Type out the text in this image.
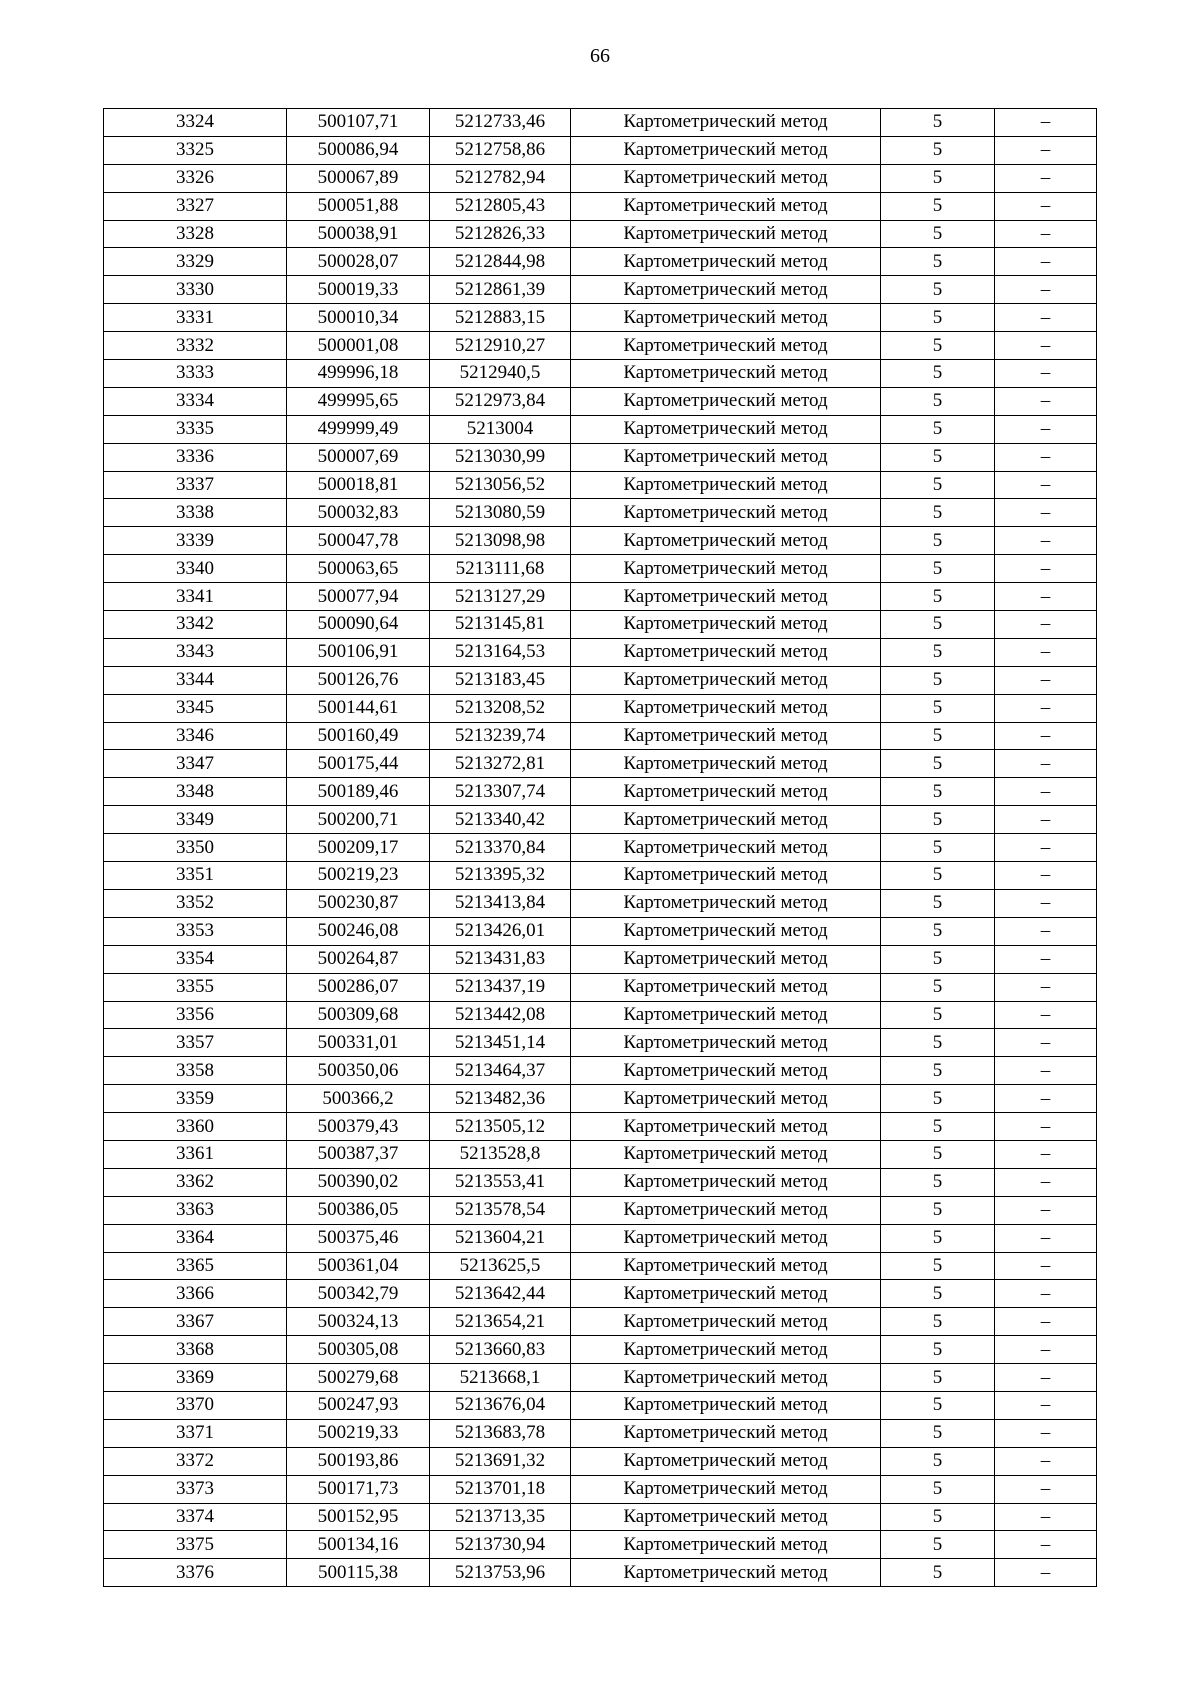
66
3324	500107,71	5212733,46	Картометрический метод	5	–
3325	500086,94	5212758,86	Картометрический метод	5	–
3326	500067,89	5212782,94	Картометрический метод	5	–
3327	500051,88	5212805,43	Картометрический метод	5	–
3328	500038,91	5212826,33	Картометрический метод	5	–
3329	500028,07	5212844,98	Картометрический метод	5	–
3330	500019,33	5212861,39	Картометрический метод	5	–
3331	500010,34	5212883,15	Картометрический метод	5	–
3332	500001,08	5212910,27	Картометрический метод	5	–
3333	499996,18	5212940,5	Картометрический метод	5	–
3334	499995,65	5212973,84	Картометрический метод	5	–
3335	499999,49	5213004	Картометрический метод	5	–
3336	500007,69	5213030,99	Картометрический метод	5	–
3337	500018,81	5213056,52	Картометрический метод	5	–
3338	500032,83	5213080,59	Картометрический метод	5	–
3339	500047,78	5213098,98	Картометрический метод	5	–
3340	500063,65	5213111,68	Картометрический метод	5	–
3341	500077,94	5213127,29	Картометрический метод	5	–
3342	500090,64	5213145,81	Картометрический метод	5	–
3343	500106,91	5213164,53	Картометрический метод	5	–
3344	500126,76	5213183,45	Картометрический метод	5	–
3345	500144,61	5213208,52	Картометрический метод	5	–
3346	500160,49	5213239,74	Картометрический метод	5	–
3347	500175,44	5213272,81	Картометрический метод	5	–
3348	500189,46	5213307,74	Картометрический метод	5	–
3349	500200,71	5213340,42	Картометрический метод	5	–
3350	500209,17	5213370,84	Картометрический метод	5	–
3351	500219,23	5213395,32	Картометрический метод	5	–
3352	500230,87	5213413,84	Картометрический метод	5	–
3353	500246,08	5213426,01	Картометрический метод	5	–
3354	500264,87	5213431,83	Картометрический метод	5	–
3355	500286,07	5213437,19	Картометрический метод	5	–
3356	500309,68	5213442,08	Картометрический метод	5	–
3357	500331,01	5213451,14	Картометрический метод	5	–
3358	500350,06	5213464,37	Картометрический метод	5	–
3359	500366,2	5213482,36	Картометрический метод	5	–
3360	500379,43	5213505,12	Картометрический метод	5	–
3361	500387,37	5213528,8	Картометрический метод	5	–
3362	500390,02	5213553,41	Картометрический метод	5	–
3363	500386,05	5213578,54	Картометрический метод	5	–
3364	500375,46	5213604,21	Картометрический метод	5	–
3365	500361,04	5213625,5	Картометрический метод	5	–
3366	500342,79	5213642,44	Картометрический метод	5	–
3367	500324,13	5213654,21	Картометрический метод	5	–
3368	500305,08	5213660,83	Картометрический метод	5	–
3369	500279,68	5213668,1	Картометрический метод	5	–
3370	500247,93	5213676,04	Картометрический метод	5	–
3371	500219,33	5213683,78	Картометрический метод	5	–
3372	500193,86	5213691,32	Картометрический метод	5	–
3373	500171,73	5213701,18	Картометрический метод	5	–
3374	500152,95	5213713,35	Картометрический метод	5	–
3375	500134,16	5213730,94	Картометрический метод	5	–
3376	500115,38	5213753,96	Картометрический метод	5	–
